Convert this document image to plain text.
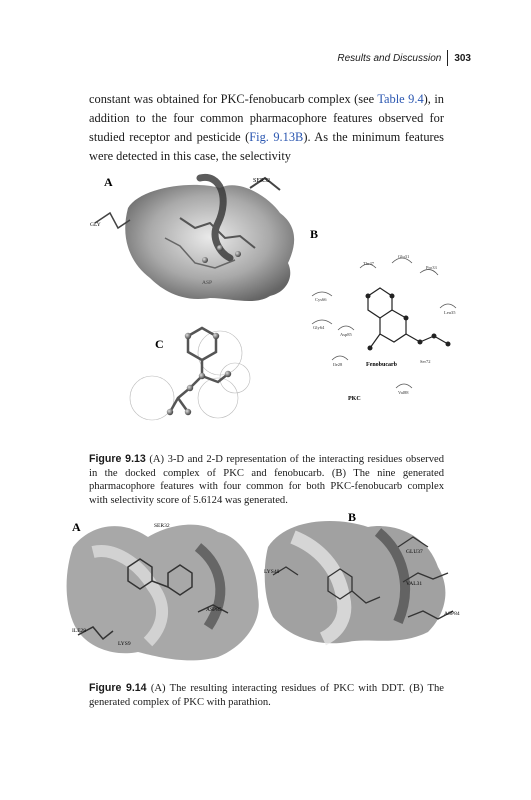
Results and Discussion 303
constant was obtained for PKC-fenobucarb complex (see Table 9.4), in addition to the four common pharmacophore features observed for studied receptor and pesticide (Fig. 9.13B). As the minimum features were detected in this case, the selectivity
A	SER32
GLY
ASP
B
Glu31
Thr47
Pro33
Cys66
Leu35
Gly64
Asp85
Ile28
Ser72
Val88
Fenobucarb
PKC
C
Figure 9.13 (A) 3-D and 2-D representation of the interacting residues observed in the docked complex of PKC and fenobucarb. (B) The nine generated pharmacophore features with four common for both PKC-fenobucarb complex with selectivity score of 5.6124 was generated.
A	SER32
ASP85
ILE28
LYS9
B
GLU37
VAL31
LYS40
ASP84
Figure 9.14 (A) The resulting interacting residues of PKC with DDT. (B) The generated complex of PKC with parathion.
